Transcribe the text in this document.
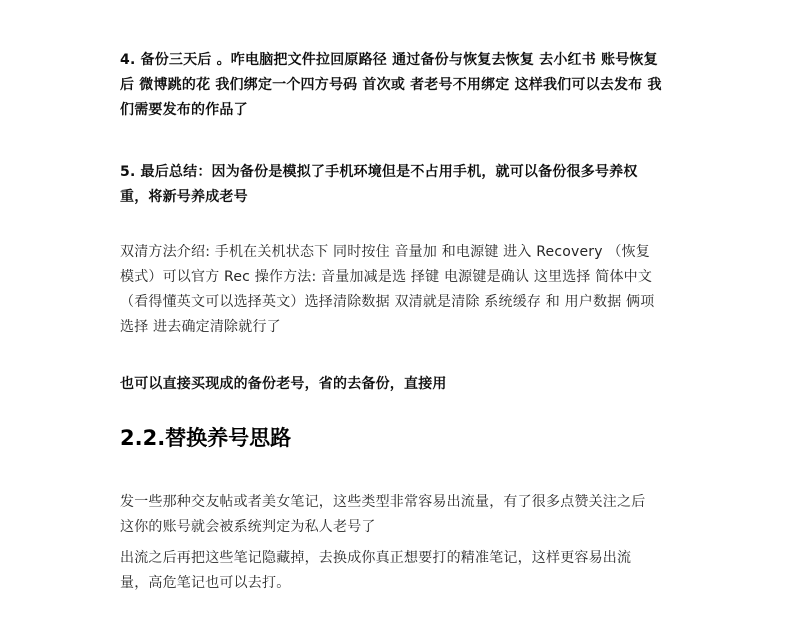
4. 备份三天后 。咋电脑把文件拉回原路径 通过备份与恢复去恢复 去小红书 账号恢复
后 微博跳的花 我们绑定一个四方号码 首次或 者老号不用绑定 这样我们可以去发布 我
们需要发布的作品了

5. 最后总结：因为备份是模拟了手机环境但是不占用手机，就可以备份很多号养权
重，将新号养成老号

双清方法介绍: 手机在关机状态下 同时按住 音量加 和电源键 进入 Recovery （恢复
模式）可以官方 Rec 操作方法: 音量加减是选 择键 电源键是确认 这里选择 简体中文
（看得懂英文可以选择英文）选择清除数据 双清就是清除 系统缓存 和 用户数据 俩项
选择 进去确定清除就行了

也可以直接买现成的备份老号，省的去备份，直接用

2.2.替换养号思路

发一些那种交友帖或者美女笔记，这些类型非常容易出流量，有了很多点赞关注之后
这你的账号就会被系统判定为私人老号了

出流之后再把这些笔记隐藏掉，去换成你真正想要打的精准笔记，这样更容易出流
量，高危笔记也可以去打。
